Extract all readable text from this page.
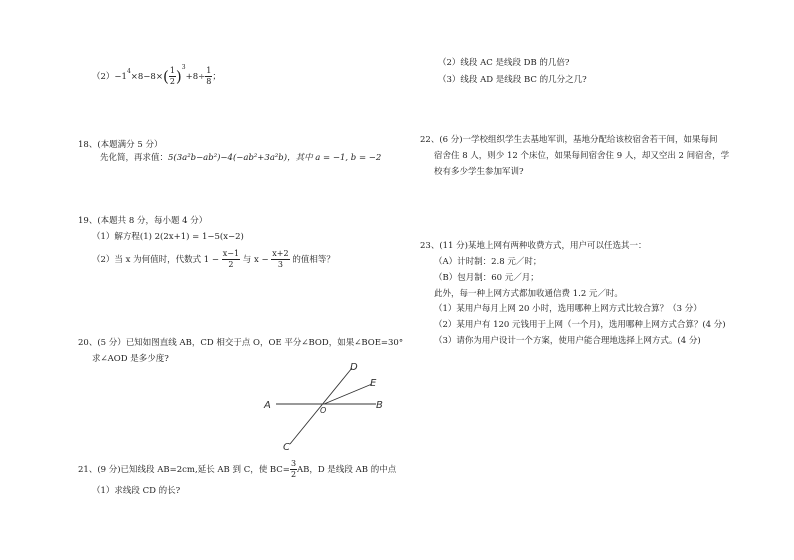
$(2)-1^4\times 8-8\times( \frac{1}{2} )^3+8\div \frac{1}{8}$ ；
18、(本题满分 5 分）
先化简，再求值：5(3a²b−ab²)−4(−ab²+3a²b)，其中 a = −1, b = −2
19、(本题共 8 分，每小题 4 分）
（1）解方程(1) 2(2x+1) = 1−5(x−2)
（2）当 x 为何值时，代数式 $1 - \frac{x-1}{2}$ 与 $x - \frac{x+2}{3}$ 的值相等？
20、(5 分）已知如图直线 AB，CD 相交于点 O，OE 平分∠BOD，如果∠BOE=30°
求∠AOD 是多少度?
A	B
C
D
E
O
21、(9 分)已知线段 AB=2cm,延长 AB 到 C，使 $BC= \frac{3}{2}$ AB，D 是线段 AB 的中点
（1）求线段 CD 的长?
（2）线段 AC 是线段 DB 的几倍?
（3）线段 AD 是线段 BC 的几分之几?
22、(6 分)一学校组织学生去基地军训，基地分配给该校宿舍若干间，如果每间
宿舍住 8 人，则少 12 个床位，如果每间宿舍住 9 人，却又空出 2 间宿舍，学
校有多少学生参加军训?
23、(11 分)某地上网有两种收费方式，用户可以任选其一：
（A）计时制：2.8 元／时；
（B）包月制：60 元／月；
此外，每一种上网方式都加收通信费 1.2 元／时。
（1）某用户每月上网 20 小时，选用哪种上网方式比较合算？（3 分）
（2）某用户有 120 元钱用于上网（一个月)，选用哪种上网方式合算？(4 分)
（3）请你为用户设计一个方案，使用户能合理地选择上网方式。(4 分)
